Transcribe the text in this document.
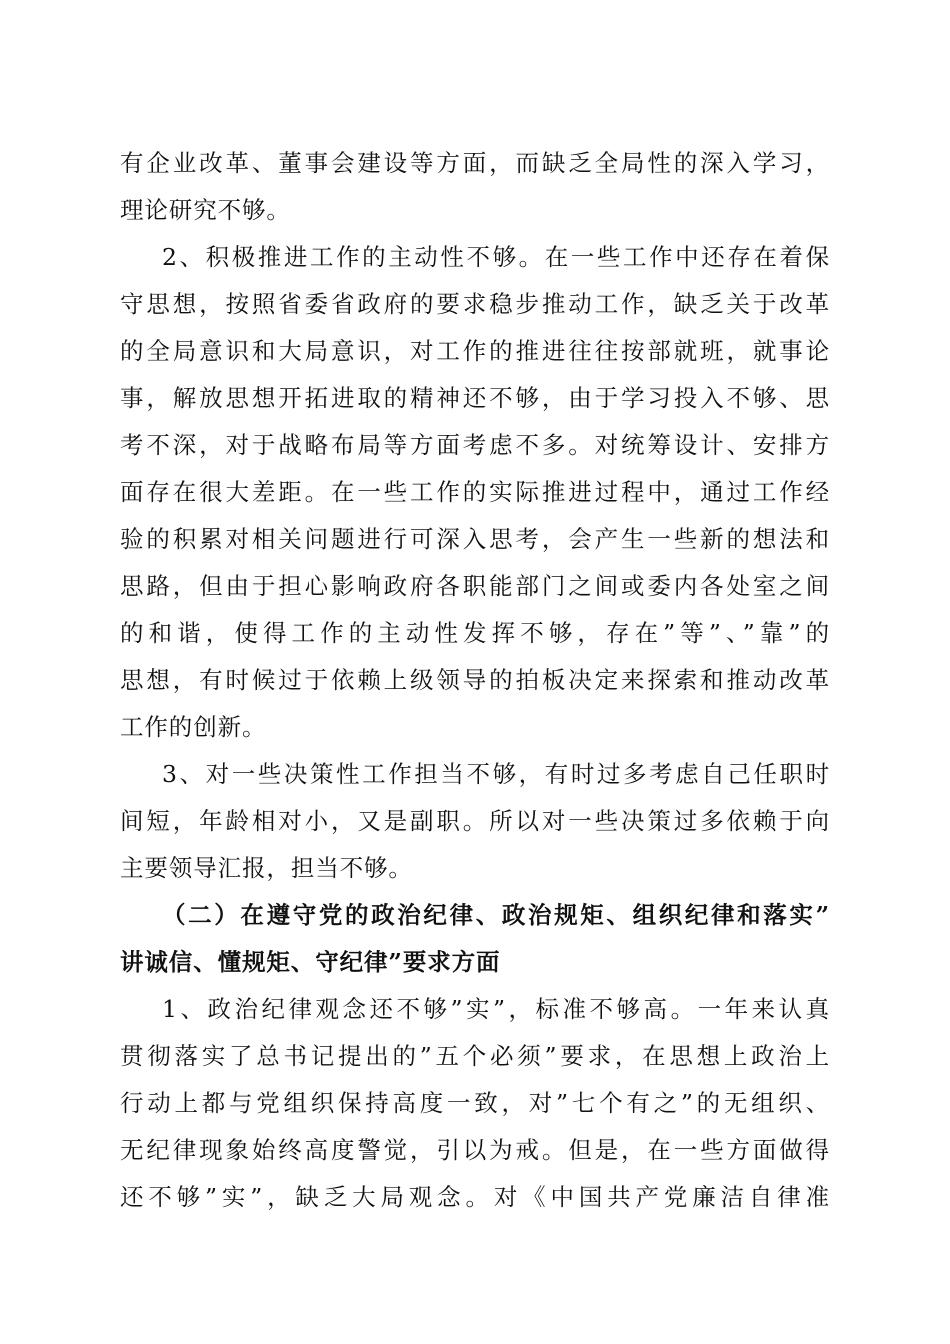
有企业改革、董事会建设等方面，而缺乏全局性的深入学习，
理论研究不够。
2、积极推进工作的主动性不够。在一些工作中还存在着保
守思想，按照省委省政府的要求稳步推动工作，缺乏关于改革
的全局意识和大局意识，对工作的推进往往按部就班，就事论
事，解放思想开拓进取的精神还不够，由于学习投入不够、思
考不深，对于战略布局等方面考虑不多。对统筹设计、安排方
面存在很大差距。在一些工作的实际推进过程中，通过工作经
验的积累对相关问题进行可深入思考，会产生一些新的想法和
思路，但由于担心影响政府各职能部门之间或委内各处室之间
的和谐，使得工作的主动性发挥不够，存在”等”、”靠”的
思想，有时候过于依赖上级领导的拍板决定来探索和推动改革
工作的创新。
3、对一些决策性工作担当不够，有时过多考虑自己任职时
间短，年龄相对小，又是副职。所以对一些决策过多依赖于向
主要领导汇报，担当不够。
（二）在遵守党的政治纪律、政治规矩、组织纪律和落实”
讲诚信、懂规矩、守纪律”要求方面
1、政治纪律观念还不够”实”，标准不够高。一年来认真
贯彻落实了总书记提出的”五个必须”要求，在思想上政治上
行动上都与党组织保持高度一致，对”七个有之”的无组织、
无纪律现象始终高度警觉，引以为戒。但是，在一些方面做得
还不够”实”，缺乏大局观念。对《中国共产党廉洁自律准
